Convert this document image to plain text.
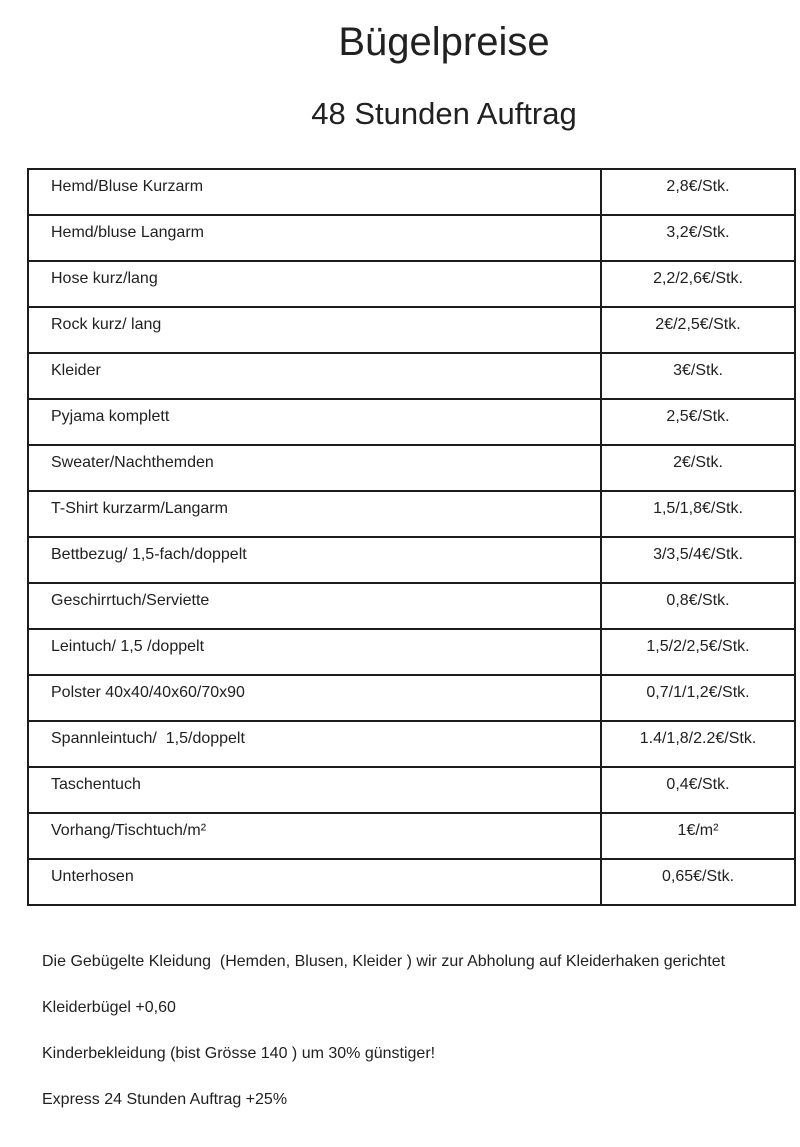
Bügelpreise
48 Stunden Auftrag
Hemd/Bluse Kurzarm	2,8€/Stk.
Hemd/bluse Langarm	3,2€/Stk.
Hose kurz/lang	2,2/2,6€/Stk.
Rock kurz/ lang	2€/2,5€/Stk.
Kleider	3€/Stk.
Pyjama komplett	2,5€/Stk.
Sweater/Nachthemden	2€/Stk.
T-Shirt kurzarm/Langarm	1,5/1,8€/Stk.
Bettbezug/ 1,5-fach/doppelt	3/3,5/4€/Stk.
Geschirrtuch/Serviette	0,8€/Stk.
Leintuch/ 1,5 /doppelt	1,5/2/2,5€/Stk.
Polster 40x40/40x60/70x90	0,7/1/1,2€/Stk.
Spannleintuch/  1,5/doppelt	1.4/1,8/2.2€/Stk.
Taschentuch	0,4€/Stk.
Vorhang/Tischtuch/m²	1€/m²
Unterhosen	0,65€/Stk.

Die Gebügelte Kleidung  (Hemden, Blusen, Kleider ) wir zur Abholung auf Kleiderhaken gerichtet

Kleiderbügel +0,60

Kinderbekleidung (bist Grösse 140 ) um 30% günstiger!

Express 24 Stunden Auftrag +25%
